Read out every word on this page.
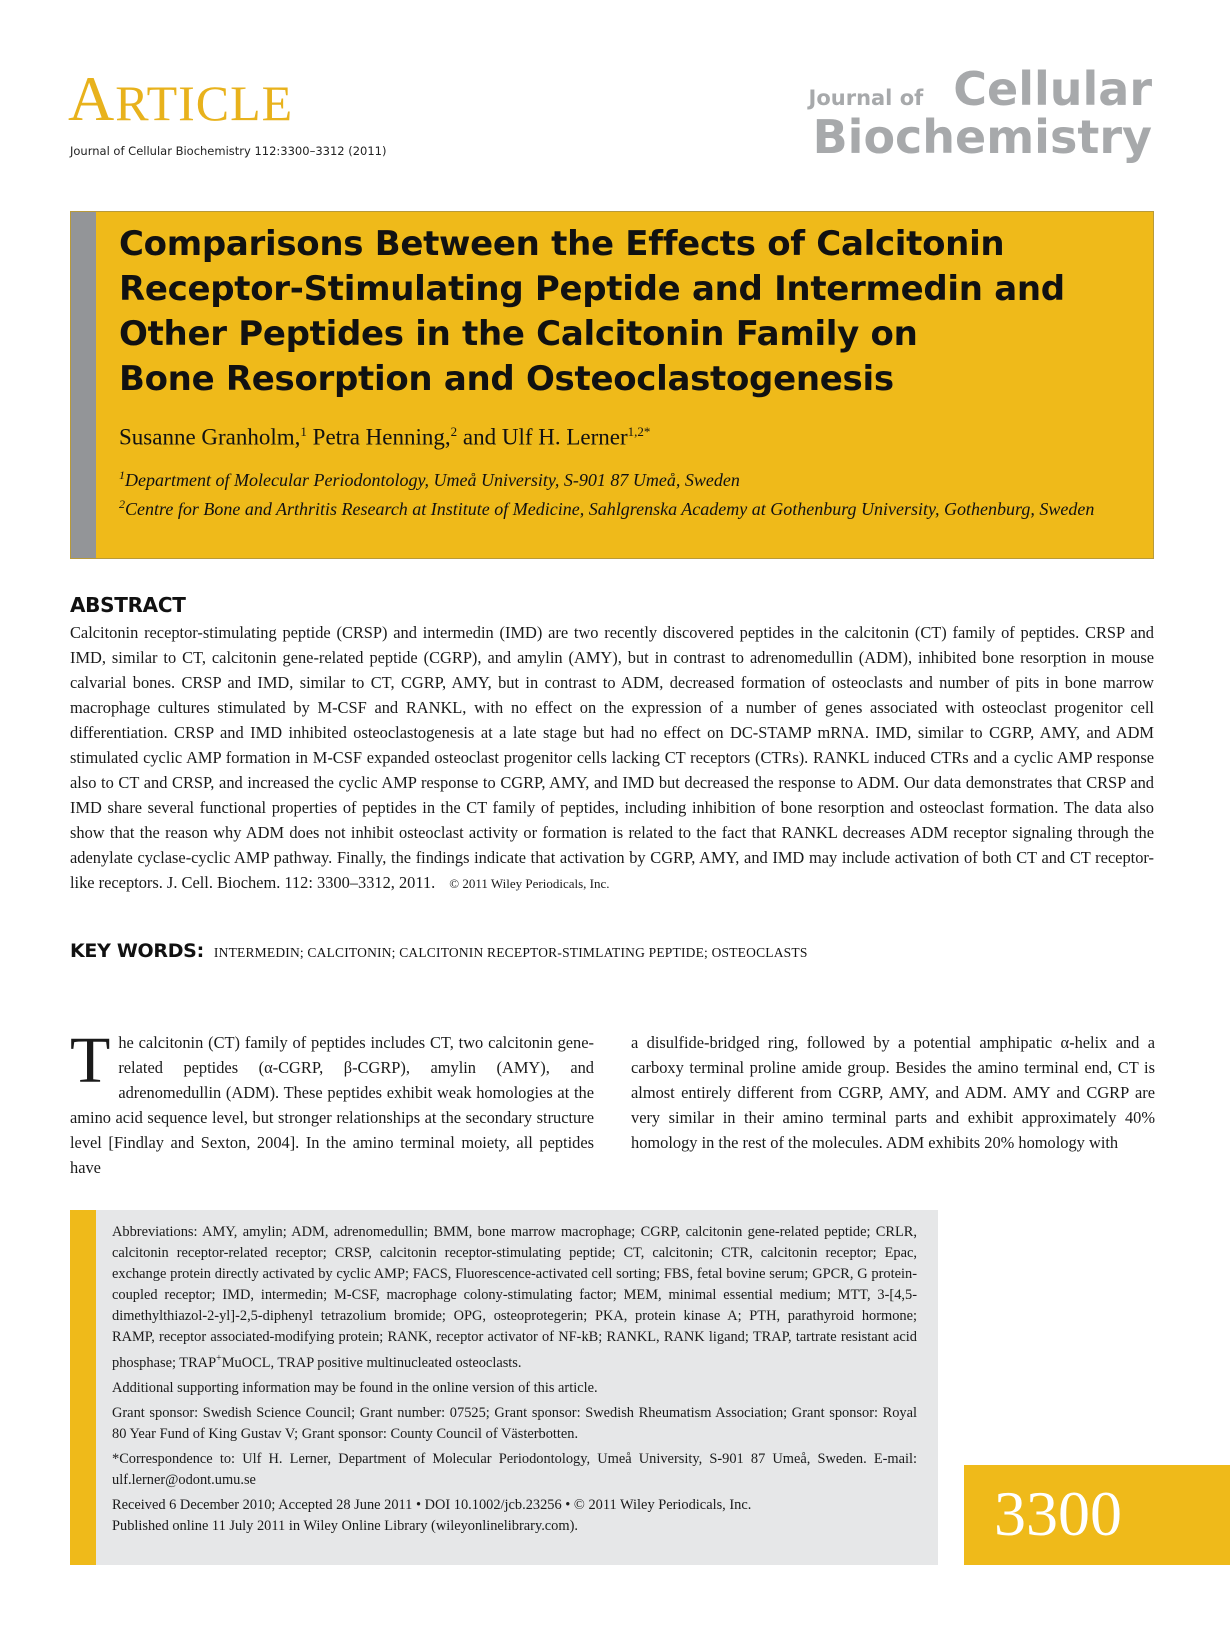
ARTICLE
Journal of Cellular Biochemistry 112:3300–3312 (2011)
Journal of Cellular
Biochemistry
Comparisons Between the Effects of Calcitonin
Receptor-Stimulating Peptide and Intermedin and
Other Peptides in the Calcitonin Family on
Bone Resorption and Osteoclastogenesis
Susanne Granholm,$^1$ Petra Henning,$^2$ and Ulf H. Lerner$^{1,2*}$
$^1$Department of Molecular Periodontology, Umeå University, S-901 87 Umeå, Sweden
$^2$Centre for Bone and Arthritis Research at Institute of Medicine, Sahlgrenska Academy at Gothenburg University, Gothenburg, Sweden
ABSTRACT
Calcitonin receptor-stimulating peptide (CRSP) and intermedin (IMD) are two recently discovered peptides in the calcitonin (CT) family of peptides. CRSP and IMD, similar to CT, calcitonin gene-related peptide (CGRP), and amylin (AMY), but in contrast to adrenomedullin (ADM), inhibited bone resorption in mouse calvarial bones. CRSP and IMD, similar to CT, CGRP, AMY, but in contrast to ADM, decreased formation of osteoclasts and number of pits in bone marrow macrophage cultures stimulated by M-CSF and RANKL, with no effect on the expression of a number of genes associated with osteoclast progenitor cell differentiation. CRSP and IMD inhibited osteoclastogenesis at a late stage but had no effect on DC-STAMP mRNA. IMD, similar to CGRP, AMY, and ADM stimulated cyclic AMP formation in M-CSF expanded osteoclast progenitor cells lacking CT receptors (CTRs). RANKL induced CTRs and a cyclic AMP response also to CT and CRSP, and increased the cyclic AMP response to CGRP, AMY, and IMD but decreased the response to ADM. Our data demonstrates that CRSP and IMD share several functional properties of peptides in the CT family of peptides, including inhibition of bone resorption and osteoclast formation. The data also show that the reason why ADM does not inhibit osteoclast activity or formation is related to the fact that RANKL decreases ADM receptor signaling through the adenylate cyclase-cyclic AMP pathway. Finally, the findings indicate that activation by CGRP, AMY, and IMD may include activation of both CT and CT receptor-like receptors. J. Cell. Biochem. 112: 3300–3312, 2011. © 2011 Wiley Periodicals, Inc.
KEY WORDS: INTERMEDIN; CALCITONIN; CALCITONIN RECEPTOR-STIMLATING PEPTIDE; OSTEOCLASTS
The calcitonin (CT) family of peptides includes CT, two calcitonin gene-related peptides (α-CGRP, β-CGRP), amylin (AMY), and adrenomedullin (ADM). These peptides exhibit weak homologies at the amino acid sequence level, but stronger relationships at the secondary structure level [Findlay and Sexton, 2004]. In the amino terminal moiety, all peptides have
a disulfide-bridged ring, followed by a potential amphipatic α-helix and a carboxy terminal proline amide group. Besides the amino terminal end, CT is almost entirely different from CGRP, AMY, and ADM. AMY and CGRP are very similar in their amino terminal parts and exhibit approximately 40% homology in the rest of the molecules. ADM exhibits 20% homology with

Abbreviations: AMY, amylin; ADM, adrenomedullin; BMM, bone marrow macrophage; CGRP, calcitonin gene-related peptide; CRLR, calcitonin receptor-related receptor; CRSP, calcitonin receptor-stimulating peptide; CT, calcitonin; CTR, calcitonin receptor; Epac, exchange protein directly activated by cyclic AMP; FACS, Fluorescence-activated cell sorting; FBS, fetal bovine serum; GPCR, G protein-coupled receptor; IMD, intermedin; M-CSF, macrophage colony-stimulating factor; MEM, minimal essential medium; MTT, 3-[4,5-dimethylthiazol-2-yl]-2,5-diphenyl tetrazolium bromide; OPG, osteoprotegerin; PKA, protein kinase A; PTH, parathyroid hormone; RAMP, receptor associated-modifying protein; RANK, receptor activator of NF-kB; RANKL, RANK ligand; TRAP, tartrate resistant acid phosphase; TRAP+MuOCL, TRAP positive multinucleated osteoclasts.

Additional supporting information may be found in the online version of this article.

Grant sponsor: Swedish Science Council; Grant number: 07525; Grant sponsor: Swedish Rheumatism Association; Grant sponsor: Royal 80 Year Fund of King Gustav V; Grant sponsor: County Council of Västerbotten.

*Correspondence to: Ulf H. Lerner, Department of Molecular Periodontology, Umeå University, S-901 87 Umeå, Sweden. E-mail: ulf.lerner@odont.umu.se

Received 6 December 2010; Accepted 28 June 2011 • DOI 10.1002/jcb.23256 • © 2011 Wiley Periodicals, Inc.

Published online 11 July 2011 in Wiley Online Library (wileyonlinelibrary.com).	3300
